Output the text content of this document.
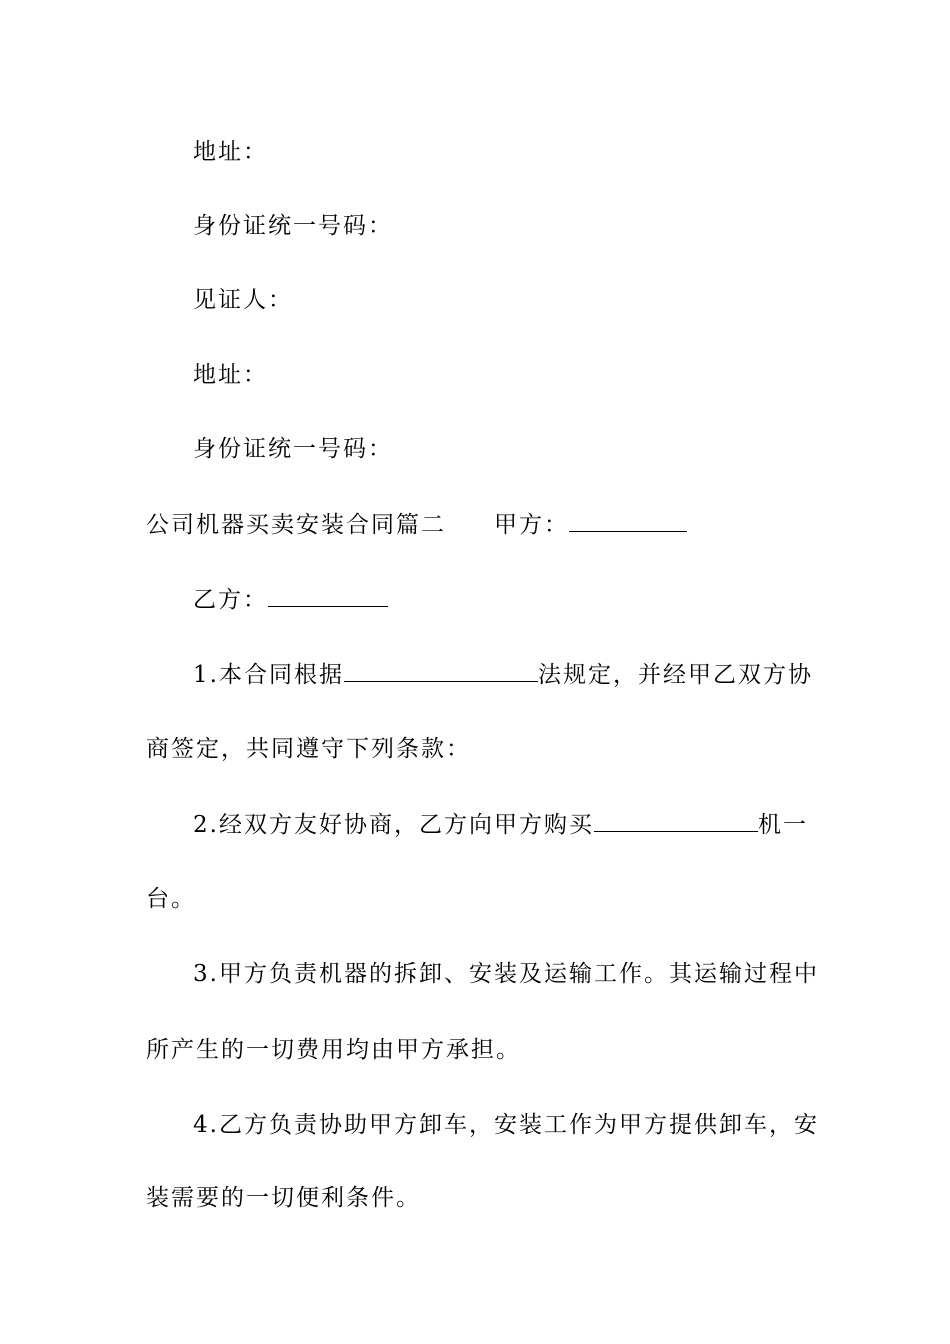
地址：
身份证统一号码：
见证人：
地址：
身份证统一号码：
公司机器买卖安装合同篇二 甲方：
乙方：
1.本合同根据	法规定，并经甲乙双方协
商签定，共同遵守下列条款：
2.经双方友好协商，乙方向甲方购买	机一
台。
3.甲方负责机器的拆卸、安装及运输工作。其运输过程中
所产生的一切费用均由甲方承担。
4.乙方负责协助甲方卸车，安装工作为甲方提供卸车，安
装需要的一切便利条件。
